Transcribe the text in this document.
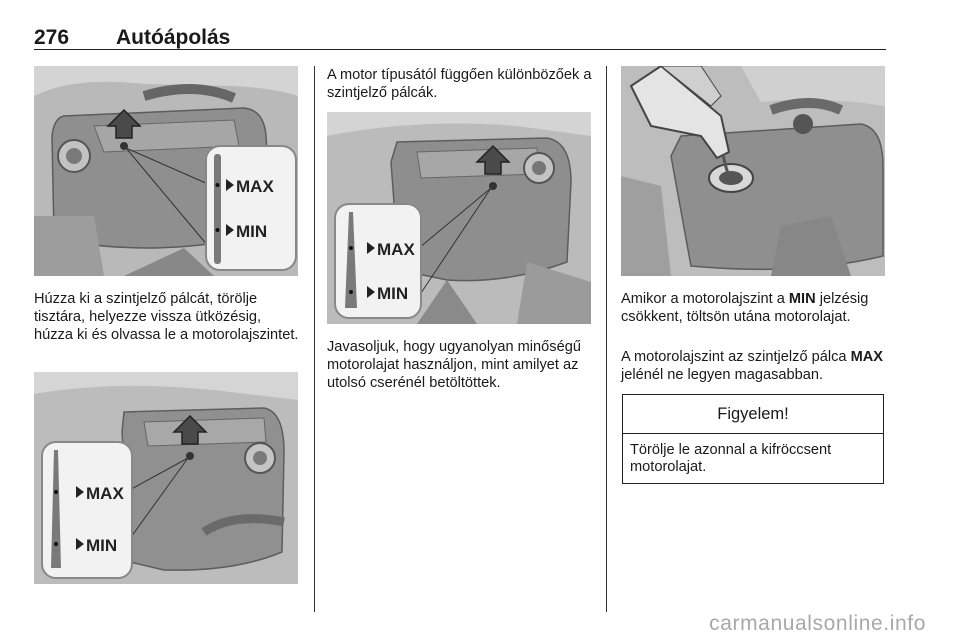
276 Autóápolás
MAX
MIN

Húzza ki a szintjelző pálcát, törölje tisztára, helyezze vissza ütközésig, húzza ki és olvassa le a motorolajszintet.

MAX
MIN

A motor típusától függően különbözőek a szintjelző pálcák.

MAX
MIN

Javasoljuk, hogy ugyanolyan minőségű motorolajat használjon, mint amilyet az utolsó cserénél betöltöttek.

Amikor a motorolajszint a MIN jelzésig csökkent, töltsön utána motorolajat.

A motorolajszint az szintjelző pálca MAX jelénél ne legyen magasabban.

Figyelem!

Törölje le azonnal a kifröccsent motorolajat.

carmanualsonline.info
